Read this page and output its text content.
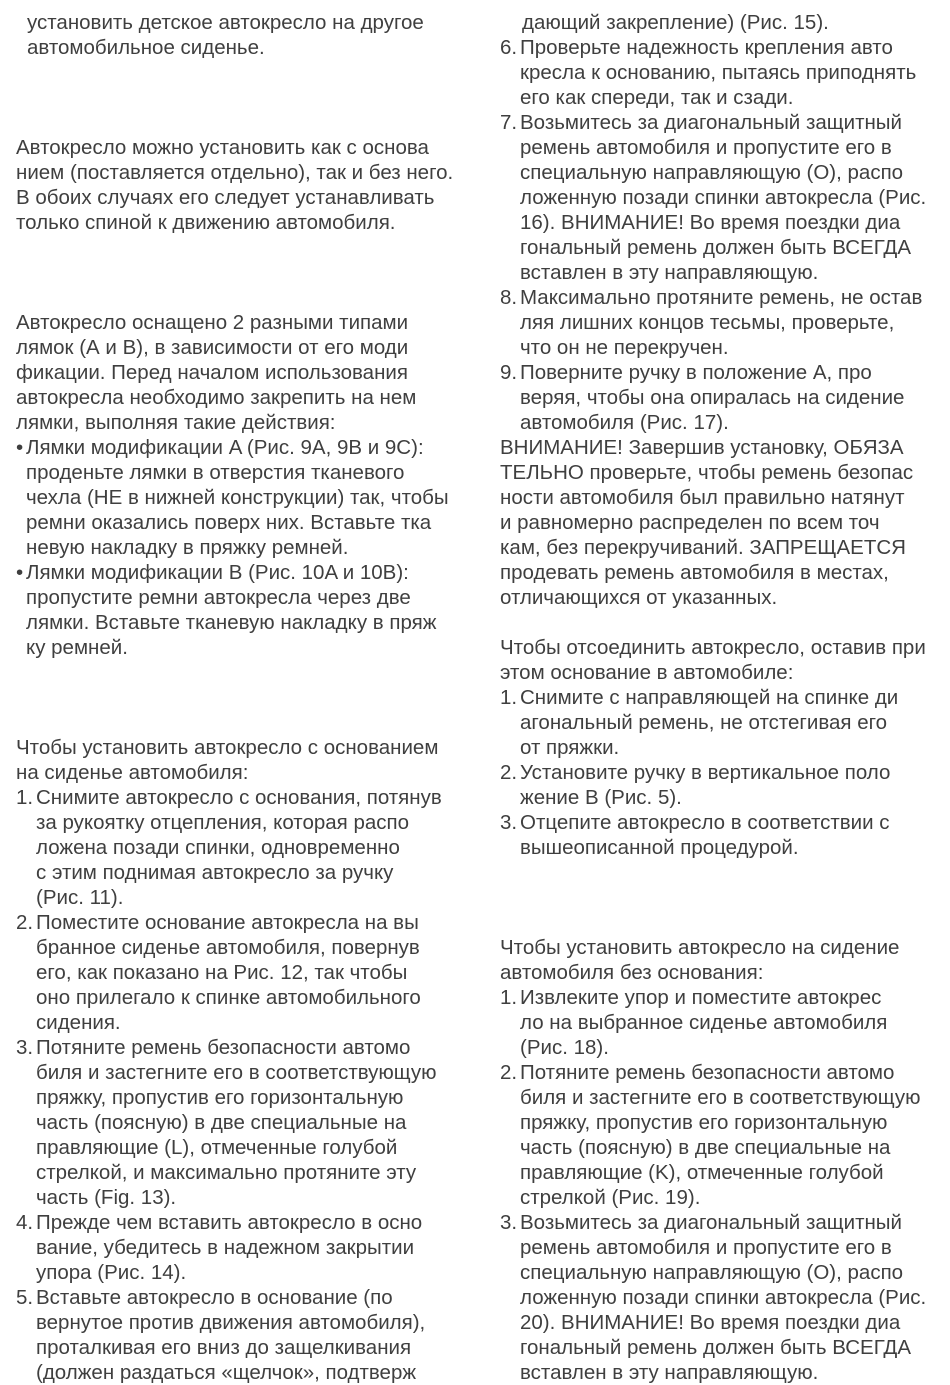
установить детское автокресло на другое
автомобильное сиденье.

Автокресло можно установить как с основа
нием (поставляется отдельно), так и без него.
В обоих случаях его следует устанавливать
только спиной к движению автомобиля.

Автокресло оснащено 2 разными типами
лямок (А и B), в зависимости от его моди
фикации. Перед началом использования
автокресла необходимо закрепить на нем
лямки, выполняя такие действия:

• Лямки модификации A (Рис. 9A, 9B и 9C):
проденьте лямки в отверстия тканевого
чехла (НЕ в нижней конструкции) так, чтобы
ремни оказались поверх них. Вставьте тка
невую накладку в пряжку ремней.
• Лямки модификации B (Рис. 10A и 10B):
пропустите ремни автокресла через две
лямки. Вставьте тканевую накладку в пряж
ку ремней.

Чтобы установить автокресло с основанием
на сиденье автомобиля:

1. Снимите автокресло с основания, потянув
за рукоятку отцепления, которая распо
ложена позади спинки, одновременно
с этим поднимая автокресло за ручку
(Рис. 11).
2. Поместите основание автокресла на вы
бранное сиденье автомобиля, повернув
его, как показано на Рис. 12, так чтобы
оно прилегало к спинке автомобильного
сидения.
3. Потяните ремень безопасности автомо
биля и застегните его в соответствующую
пряжку, пропустив его горизонтальную
часть (поясную) в две специальные на
правляющие (L), отмеченные голубой
стрелкой, и максимально протяните эту
часть (Fig. 13).
4. Прежде чем вставить автокресло в осно
вание, убедитесь в надежном закрытии
упора (Рис. 14).
5. Вставьте автокресло в основание (по
вернутое против движения автомобиля),
проталкивая его вниз до защелкивания
(должен раздаться «щелчок», подтверж

дающий закрепление) (Рис. 15).

6. Проверьте надежность крепления авто
кресла к основанию, пытаясь приподнять
его как спереди, так и сзади.
7. Возьмитесь за диагональный защитный
ремень автомобиля и пропустите его в
специальную направляющую (O), распо
ложенную позади спинки автокресла (Рис.
16). ВНИМАНИЕ! Во время поездки диа
гональный ремень должен быть ВСЕГДА
вставлен в эту направляющую.
8. Максимально протяните ремень, не остав
ляя лишних концов тесьмы, проверьте,
что он не перекручен.
9. Поверните ручку в положение A, про
веряя, чтобы она опиралась на сидение
автомобиля (Рис. 17).

ВНИМАНИЕ! Завершив установку, ОБЯЗА
ТЕЛЬНО проверьте, чтобы ремень безопас
ности автомобиля был правильно натянут
и равномерно распределен по всем точ
кам, без перекручиваний. ЗАПРЕЩАЕТСЯ
продевать ремень автомобиля в местах,
отличающихся от указанных.

Чтобы отсоединить автокресло, оставив при
этом основание в автомобиле:

1. Снимите с направляющей на спинке ди
агональный ремень, не отстегивая его
от пряжки.
2. Установите ручку в вертикальное поло
жение B (Рис. 5).
3. Отцепите автокресло в соответствии с
вышеописанной процедурой.

Чтобы установить автокресло на сидение
автомобиля без основания:

1. Извлеките упор и поместите автокрес
ло на выбранное сиденье автомобиля
(Рис. 18).
2. Потяните ремень безопасности автомо
биля и застегните его в соответствующую
пряжку, пропустив его горизонтальную
часть (поясную) в две специальные на
правляющие (K), отмеченные голубой
стрелкой (Рис. 19).
3. Возьмитесь за диагональный защитный
ремень автомобиля и пропустите его в
специальную направляющую (O), распо
ложенную позади спинки автокресла (Рис.
20). ВНИМАНИЕ! Во время поездки диа
гональный ремень должен быть ВСЕГДА
вставлен в эту направляющую.
